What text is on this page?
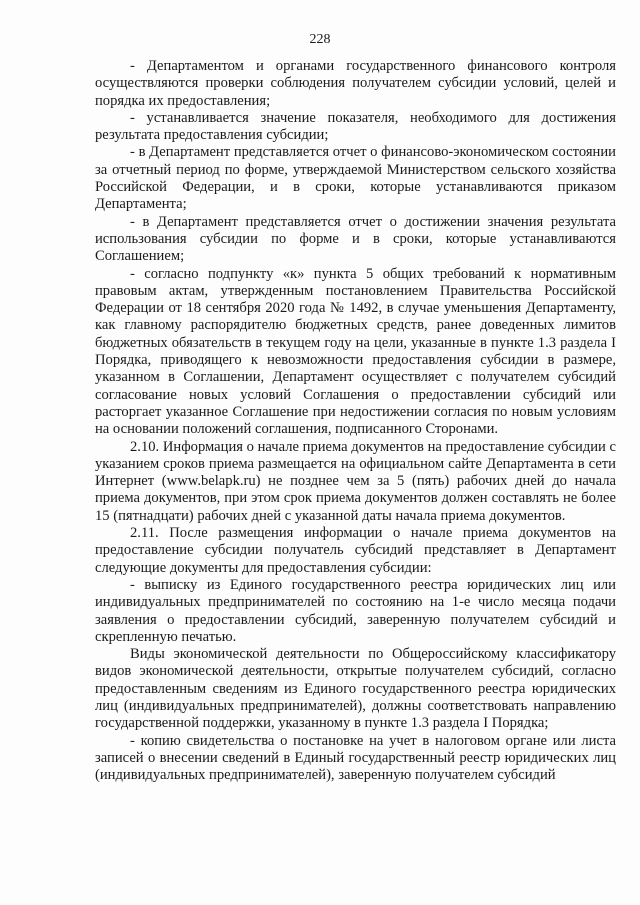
228

- Департаментом и органами государственного финансового контроля осуществляются проверки соблюдения получателем субсидии условий, целей и порядка их предоставления;

- устанавливается значение показателя, необходимого для достижения результата предоставления субсидии;

- в Департамент представляется отчет о финансово-экономическом состоянии за отчетный период по форме, утверждаемой Министерством сельского хозяйства Российской Федерации, и в сроки, которые устанавливаются приказом Департамента;

- в Департамент представляется отчет о достижении значения результата использования субсидии по форме и в сроки, которые устанавливаются Соглашением;

- согласно подпункту «к» пункта 5 общих требований к нормативным правовым актам, утвержденным постановлением Правительства Российской Федерации от 18 сентября 2020 года № 1492, в случае уменьшения Департаменту, как главному распорядителю бюджетных средств, ранее доведенных лимитов бюджетных обязательств в текущем году на цели, указанные в пункте 1.3 раздела I Порядка, приводящего к невозможности предоставления субсидии в размере, указанном в Соглашении, Департамент осуществляет с получателем субсидий согласование новых условий Соглашения о предоставлении субсидий или расторгает указанное Соглашение при недостижении согласия по новым условиям на основании положений соглашения, подписанного Сторонами.

2.10. Информация о начале приема документов на предоставление субсидии с указанием сроков приема размещается на официальном сайте Департамента в сети Интернет (www.belapk.ru) не позднее чем за 5 (пять) рабочих дней до начала приема документов, при этом срок приема документов должен составлять не более 15 (пятнадцати) рабочих дней с указанной даты начала приема документов.

2.11. После размещения информации о начале приема документов на предоставление субсидии получатель субсидий представляет в Департамент следующие документы для предоставления субсидии:

- выписку из Единого государственного реестра юридических лиц или индивидуальных предпринимателей по состоянию на 1-е число месяца подачи заявления о предоставлении субсидий, заверенную получателем субсидий и скрепленную печатью.

Виды экономической деятельности по Общероссийскому классификатору видов экономической деятельности, открытые получателем субсидий, согласно предоставленным сведениям из Единого государственного реестра юридических лиц (индивидуальных предпринимателей), должны соответствовать направлению государственной поддержки, указанному в пункте 1.3 раздела I Порядка;

- копию свидетельства о постановке на учет в налоговом органе или листа записей о внесении сведений в Единый государственный реестр юридических лиц (индивидуальных предпринимателей), заверенную получателем субсидий
